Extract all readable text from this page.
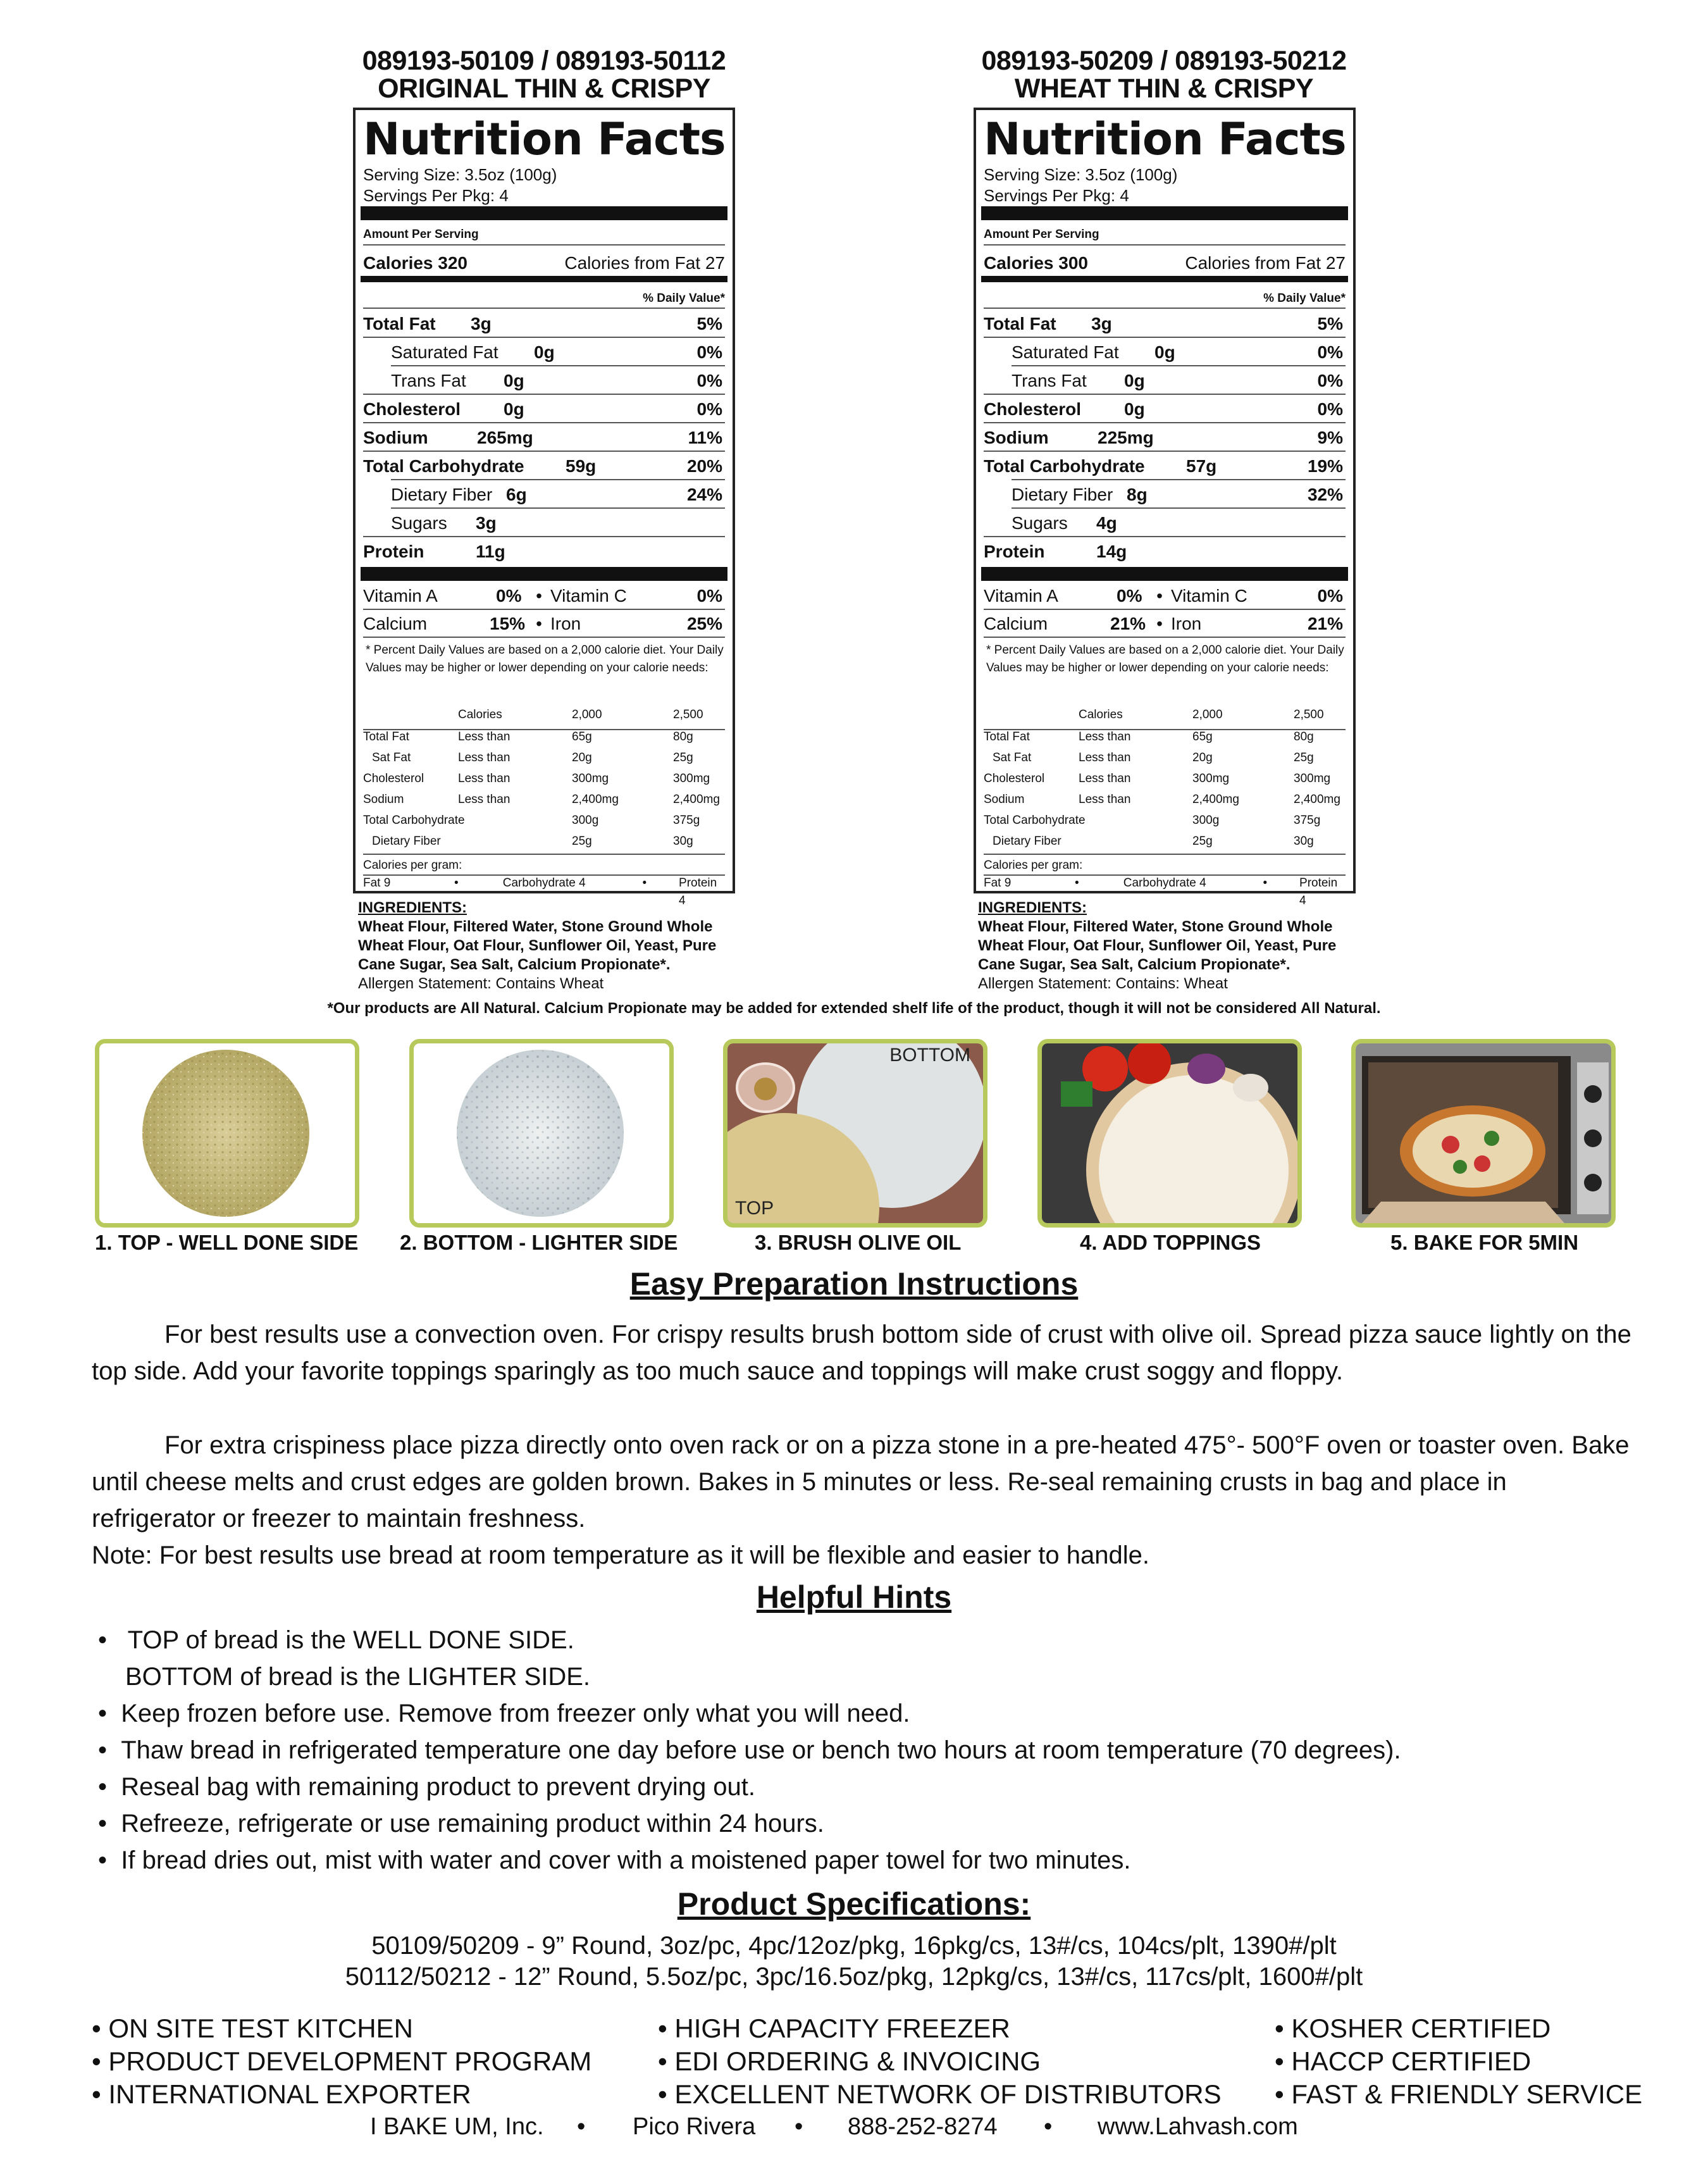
089193-50109 / 089193-50112
ORIGINAL THIN & CRISPY
089193-50209 / 089193-50212
WHEAT THIN & CRISPY
Nutrition Facts
Serving Size: 3.5oz (100g)
Servings Per Pkg: 4
Amount Per Serving
Calories 320	Calories from Fat 27
% Daily Value*
Total Fat	3g	5%
Saturated Fat	0g	0%
Trans Fat	0g	0%
Cholesterol	0g	0%
Sodium	265mg	11%
Total Carbohydrate	59g	20%
Dietary Fiber 6g	24%
Sugars	3g
Protein	11g
Vitamin A	0% • Vitamin C	0%
Calcium	15% • Iron	25%
* Percent Daily Values are based on a 2,000 calorie diet. Your Daily Values may be higher or lower depending on your calorie needs:
Calories	2,000	2,500
Total Fat	Less than	65g	80g
Sat Fat	Less than	20g	25g
Cholesterol	Less than	300mg	300mg
Sodium	Less than	2,400mg	2,400mg
Total Carbohydrate	300g	375g
Dietary Fiber	25g	30g
Calories per gram:
Fat 9	•	Carbohydrate 4	•	Protein 4
Nutrition Facts
Serving Size: 3.5oz (100g)
Servings Per Pkg: 4
Amount Per Serving
Calories 300	Calories from Fat 27
% Daily Value*
Total Fat	3g	5%
Saturated Fat	0g	0%
Trans Fat	0g	0%
Cholesterol	0g	0%
Sodium	225mg	9%
Total Carbohydrate	57g	19%
Dietary Fiber 8g	32%
Sugars	4g
Protein	14g
Vitamin A	0% • Vitamin C	0%
Calcium	21% • Iron	21%
* Percent Daily Values are based on a 2,000 calorie diet. Your Daily Values may be higher or lower depending on your calorie needs:
Calories	2,000	2,500
Total Fat	Less than	65g	80g
Sat Fat	Less than	20g	25g
Cholesterol	Less than	300mg	300mg
Sodium	Less than	2,400mg	2,400mg
Total Carbohydrate	300g	375g
Dietary Fiber	25g	30g
Calories per gram:
Fat 9	•	Carbohydrate 4	•	Protein 4
INGREDIENTS:
Wheat Flour, Filtered Water, Stone Ground Whole Wheat Flour, Oat Flour, Sunflower Oil, Yeast, Pure Cane Sugar, Sea Salt, Calcium Propionate*.
Allergen Statement: Contains Wheat
INGREDIENTS:
Wheat Flour, Filtered Water, Stone Ground Whole Wheat Flour, Oat Flour, Sunflower Oil, Yeast, Pure Cane Sugar, Sea Salt, Calcium Propionate*.
Allergen Statement: Contains: Wheat
*Our products are All Natural. Calcium Propionate may be added for extended shelf life of the product, though it will not be considered All Natural.
BOTTOM
TOP
1. TOP - WELL DONE SIDE 2. BOTTOM - LIGHTER SIDE	3. BRUSH OLIVE OIL	4. ADD TOPPINGS	5. BAKE FOR 5MIN
Easy Preparation Instructions
For best results use a convection oven. For crispy results brush bottom side of crust with olive oil. Spread pizza sauce lightly on the top side. Add your favorite toppings sparingly as too much sauce and toppings will make crust soggy and floppy.
For extra crispiness place pizza directly onto oven rack or on a pizza stone in a pre-heated 475°- 500°F oven or toaster oven. Bake until cheese melts and crust edges are golden brown. Bakes in 5 minutes or less. Re-seal remaining crusts in bag and place in refrigerator or freezer to maintain freshness.
Note: For best results use bread at room temperature as it will be flexible and easier to handle.
Helpful Hints
•   TOP of bread is the WELL DONE SIDE.
BOTTOM of bread is the LIGHTER SIDE.
•  Keep frozen before use. Remove from freezer only what you will need.
•  Thaw bread in refrigerated temperature one day before use or bench two hours at room temperature (70 degrees).
•  Reseal bag with remaining product to prevent drying out.
•  Refreeze, refrigerate or use remaining product within 24 hours.
•  If bread dries out, mist with water and cover with a moistened paper towel for two minutes.
Product Specifications:
50109/50209 - 9” Round, 3oz/pc, 4pc/12oz/pkg, 16pkg/cs, 13#/cs, 104cs/plt, 1390#/plt
50112/50212 - 12” Round, 5.5oz/pc, 3pc/16.5oz/pkg, 12pkg/cs, 13#/cs, 117cs/plt, 1600#/plt
• ON SITE TEST KITCHEN
• PRODUCT DEVELOPMENT PROGRAM
• INTERNATIONAL EXPORTER
• HIGH CAPACITY FREEZER
• EDI ORDERING & INVOICING
• EXCELLENT NETWORK OF DISTRIBUTORS
• KOSHER CERTIFIED
• HACCP CERTIFIED
• FAST & FRIENDLY SERVICE
I BAKE UM, Inc. • Pico Rivera • 888-252-8274 • www.Lahvash.com
